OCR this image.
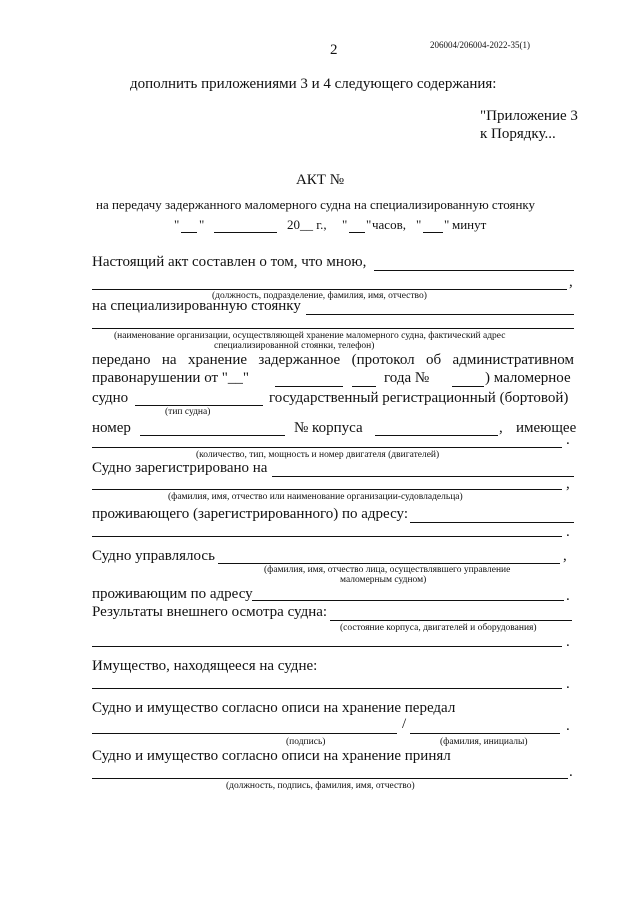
2	206004/206004-2022-35(1)
дополнить приложениями 3 и 4 следующего содержания:
"Приложение 3
к Порядку...
АКТ №
на передачу задержанного маломерного судна на специализированную стоянку
" "	20__ г., " " часов, " " минут
Настоящий акт составлен о том, что мною,
,
(должность, подразделение, фамилия, имя, отчество)
на специализированную стоянку
(наименование организации, осуществляющей хранение маломерного судна, фактический адрес
специализированной стоянки, телефон)
передано на хранение задержанное (протокол об административном
правонарушении от "__"	года №	) маломерное
судно	государственный регистрационный (бортовой)
(тип судна)
номер	№ корпуса	, имеющее
.
(количество, тип, мощность и номер двигателя (двигателей)
Судно зарегистрировано на
,
(фамилия, имя, отчество или наименование организации-судовладельца)
проживающего (зарегистрированного) по адресу:
.
Судно управлялось	,
(фамилия, имя, отчество лица, осуществлявшего управление
маломерным судном)
проживающим по адресу	.
Результаты внешнего осмотра судна:
(состояние корпуса, двигателей и оборудования)
.
Имущество, находящееся на судне:
.
Судно и имущество согласно описи на хранение передал
/	.
(подпись)	(фамилия, инициалы)
Судно и имущество согласно описи на хранение принял
.
(должность, подпись, фамилия, имя, отчество)
